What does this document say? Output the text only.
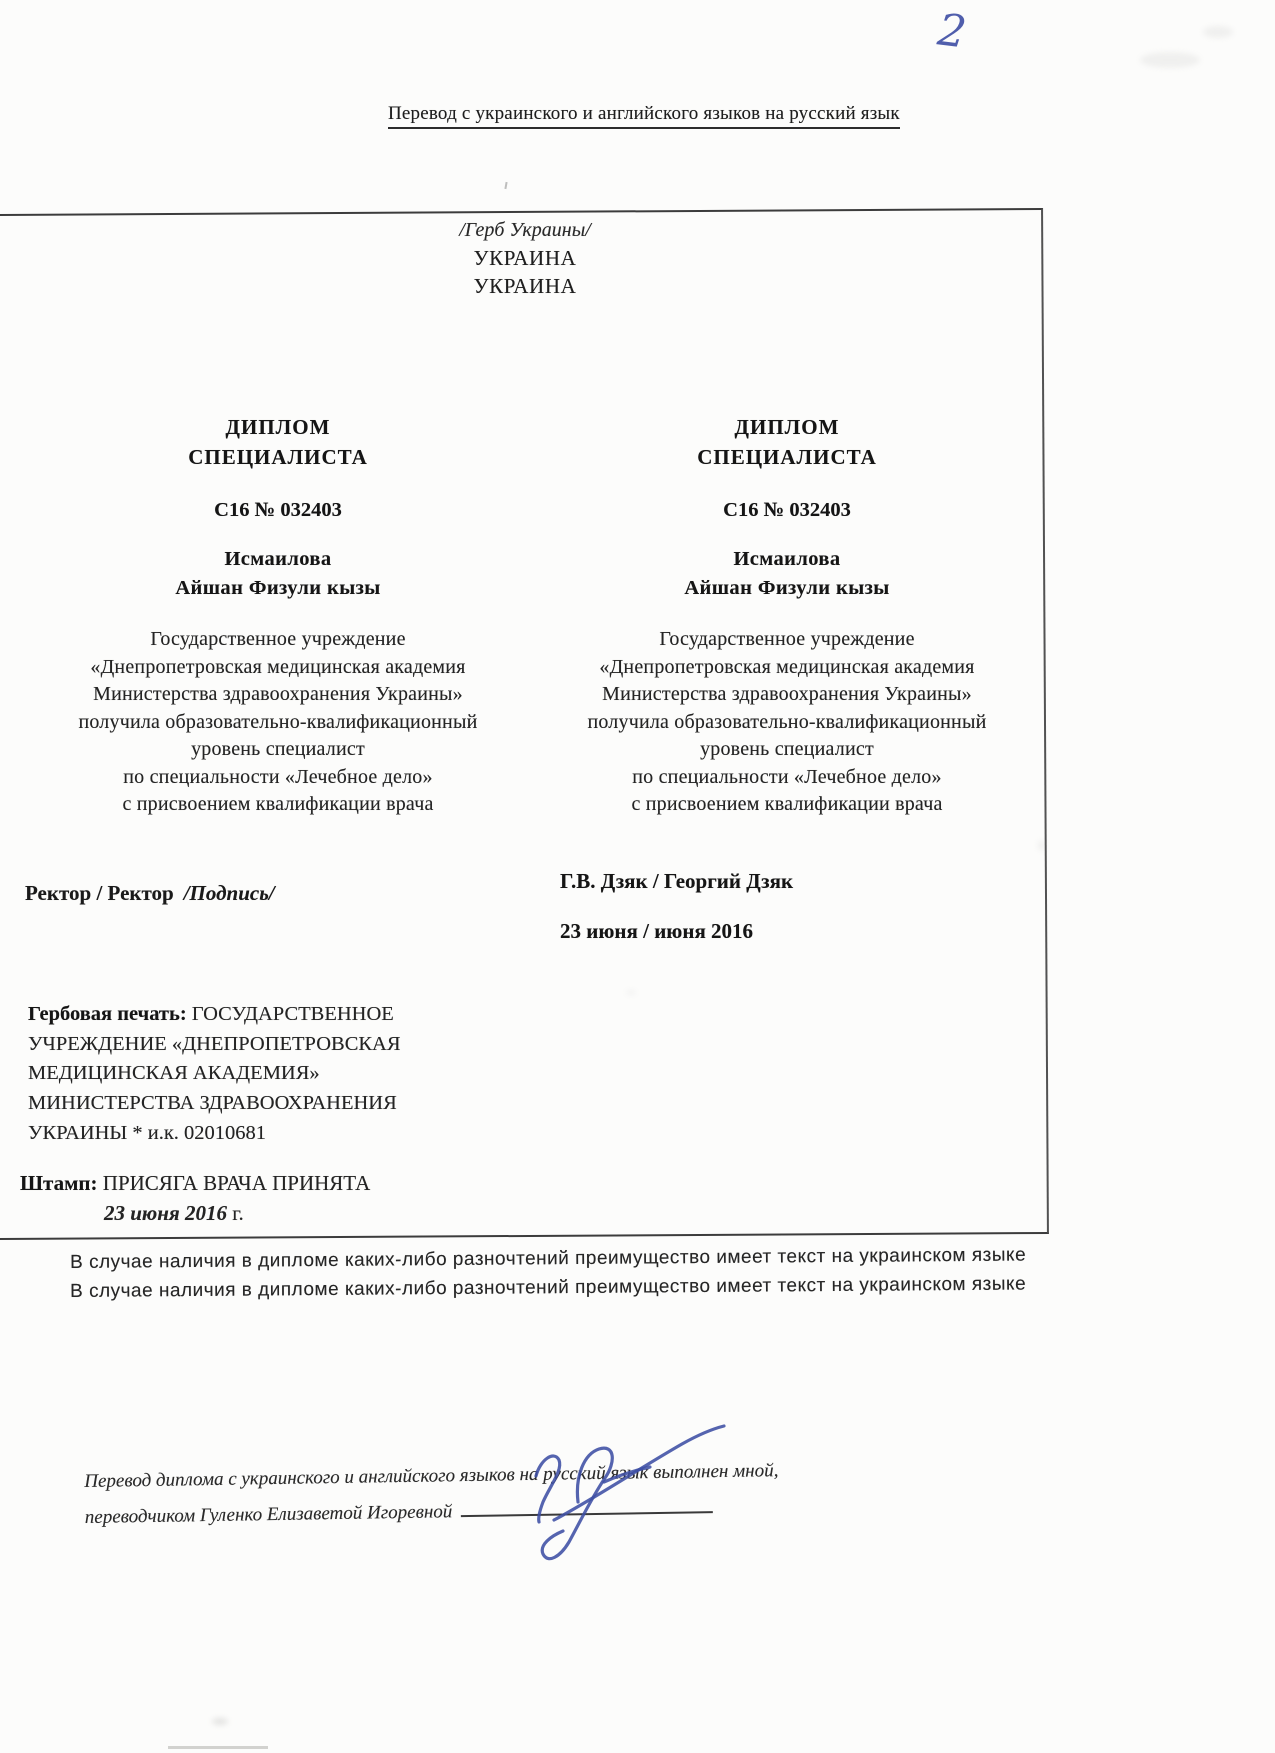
2
Перевод с украинского и английского языков на русский язык
/Герб Украины/
УКРАИНА
УКРАИНА
ДИПЛОМ
СПЕЦИАЛИСТА
С16 № 032403
Исмаилова
Айшан Физули кызы
Государственное учреждение
«Днепропетровская медицинская академия
Министерства здравоохранения Украины»
получила образовательно-квалификационный
уровень специалист
по специальности «Лечебное дело»
с присвоением квалификации врача
ДИПЛОМ
СПЕЦИАЛИСТА
С16 № 032403
Исмаилова
Айшан Физули кызы
Государственное учреждение
«Днепропетровская медицинская академия
Министерства здравоохранения Украины»
получила образовательно-квалификационный
уровень специалист
по специальности «Лечебное дело»
с присвоением квалификации врача
Ректор / Ректор /Подпись/	Г.В. Дзяк / Георгий Дзяк
23 июня / июня 2016
Гербовая печать: ГОСУДАРСТВЕННОЕ
УЧРЕЖДЕНИЕ «ДНЕПРОПЕТРОВСКАЯ
МЕДИЦИНСКАЯ АКАДЕМИЯ»
МИНИСТЕРСТВА ЗДРАВООХРАНЕНИЯ
УКРАИНЫ * и.к. 02010681
Штамп: ПРИСЯГА ВРАЧА ПРИНЯТА
23 июня 2016 г.
В случае наличия в дипломе каких-либо разночтений преимущество имеет текст на украинском языке
В случае наличия в дипломе каких-либо разночтений преимущество имеет текст на украинском языке
Перевод диплома с украинского и английского языков на русский язык выполнен мной,
переводчиком Гуленко Елизаветой Игоревной
